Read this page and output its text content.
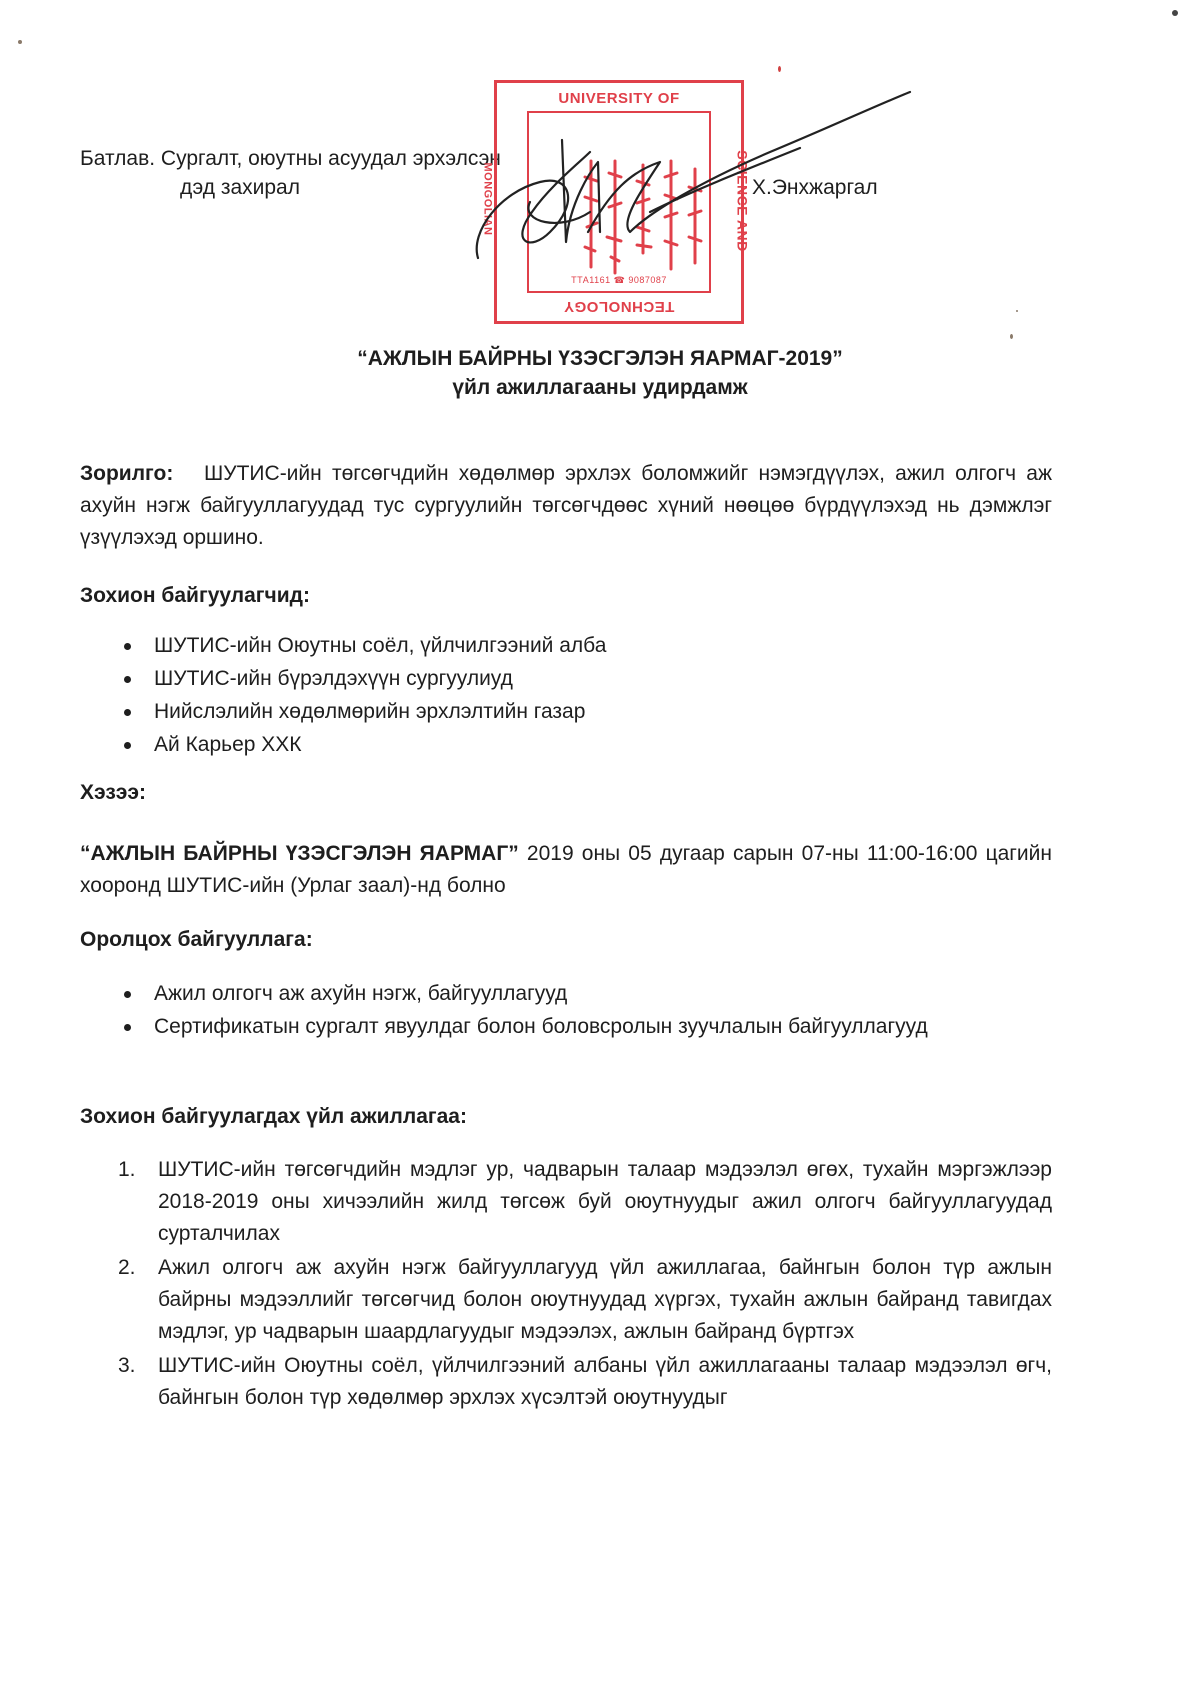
Батлав. Сургалт, оюутны асуудал эрхэлсэн
дэд захирал	Х.Энхжаргал
UNIVERSITY OF
SCIENCE AND
TECHNOLOGY
MONGOLIAN
ТТА1161 ☎ 9087087
“АЖЛЫН БАЙРНЫ ҮЗЭСГЭЛЭН ЯАРМАГ-2019”
үйл ажиллагааны удирдамж
Зорилго: ШУТИС-ийн төгсөгчдийн хөдөлмөр эрхлэх боломжийг нэмэгдүүлэх, ажил олгогч аж ахуйн нэгж байгууллагуудад тус сургуулийн төгсөгчдөөс хүний нөөцөө бүрдүүлэхэд нь дэмжлэг үзүүлэхэд оршино.
Зохион байгуулагчид:
ШУТИС-ийн Оюутны соёл, үйлчилгээний алба
ШУТИС-ийн бүрэлдэхүүн сургуулиуд
Нийслэлийн хөдөлмөрийн эрхлэлтийн газар
Ай Карьер ХХК
Хэзээ:
“АЖЛЫН БАЙРНЫ ҮЗЭСГЭЛЭН ЯАРМАГ” 2019 оны 05 дугаар сарын 07-ны 11:00-16:00 цагийн хооронд ШУТИС-ийн (Урлаг заал)-нд болно
Оролцох байгууллага:
Ажил олгогч аж ахуйн нэгж, байгууллагууд
Сертификатын сургалт явуулдаг болон боловсролын зуучлалын байгууллагууд
Зохион байгуулагдах үйл ажиллагаа:
1. ШУТИС-ийн төгсөгчдийн мэдлэг ур, чадварын талаар мэдээлэл өгөх, тухайн мэргэжлээр 2018-2019 оны хичээлийн жилд төгсөж буй оюутнуудыг ажил олгогч байгууллагуудад сурталчилах
2. Ажил олгогч аж ахуйн нэгж байгууллагууд үйл ажиллагаа, байнгын болон түр ажлын байрны мэдээллийг төгсөгчид болон оюутнуудад хүргэх, тухайн ажлын байранд тавигдах мэдлэг, ур чадварын шаардлагуудыг мэдээлэх, ажлын байранд бүртгэх
3. ШУТИС-ийн Оюутны соёл, үйлчилгээний албаны үйл ажиллагааны талаар мэдээлэл өгч, байнгын болон түр хөдөлмөр эрхлэх хүсэлтэй оюутнуудыг
